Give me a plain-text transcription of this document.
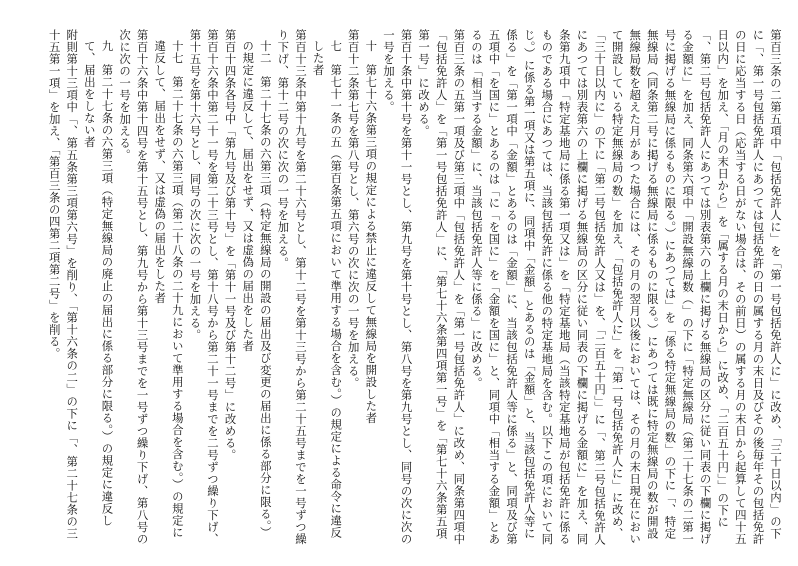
第百三条の二第五項中「包括免許人に」を「第一号包括免許人に」に改め、「三十日以内」の下に「、第一号包括免許人にあつては包括免許の日の属する月の末日及びその後毎年その包括免許の日に応当する日（応当する日がない場合は、その前日）の属する月の末日から起算して四十五日以内」を加え、「月の末日から」を「属する月の末日から」に改め、「二百五十円」」の下に「、第二号包括免許人にあつては別表第六の上欄に掲げる無線局の区分に従い同表の下欄に掲げる金額に」を加え、同条第六項中「開設無線局数（」の下に「特定無線局（第二十七条の二第一号に掲げる無線局に係るものに限る。）にあつては」を「係る特定無線局の数」の下に「、特定無線局（同条第二号に掲げる無線局に係るものに限る。）にあつては既に特定無線局の数が開設無線局数を超えた月があつた場合には、その月の翌月以後においては、その月の末日現在において開設している特定無線局の数」を加え、「包括免許人に」を「第一号包括免許人に」に改め、「三十日以内に」の下に「第二号包括免許人又は」を、「二百五十円」」に「、第二号包括免許人にあつては別表第六の上欄に掲げる無線局の区分に従い同表の下欄に掲げる金額に」を加え、同条第九項中「特定基地局に係る第一項又は」を「特定基地局（当該特定基地局が包括免許に係るものである場合にあつては、当該包括免許に係る他の特定基地局を含む。以下この項において同じ。）に係る第一項又は第五項に、同項中「金額」とあるのは「金額」と、当該包括免許人等に係る」を「第一項中「金額」とあるのは「金額」に、当該包括免許人等に係る」と、同項及び第五項中「を国に」とあるのは「に「を国に」を「金額を国に」と、同項中「相当する金額」とあるのは「相当する金額」に、当該包括免許人等に係る」に改める。

第百三条の五第一項及び第三項中「包括免許人」を「第一号包括免許人」に改め、同条第四項中「包括免許人」を「第一号包括免許人」に、「第七十六条第四項第一号」を「第七十六条第五項第一号」に改める。

第百十条中第十号を第十一号とし、第九号を第十号とし、第八号を第九号とし、同号の次に次の一号を加える。

十　第七十六条第三項の規定による禁止に違反して無線局を開設した者

第百十二条第七号を第八号とし、第六号の次に次の一号を加える。

七　第七十一条の五（第百条第五項において準用する場合を含む。）の規定による命令に違反した者

第百十三条中第十九号を第二十六号とし、第十二号を第十三号から第二十五号までを一号ずつ繰り下げ、第十二号の次に次の一号を加える。

十二　第二十七条の六第三項（特定無線局の開設の届出及び変更の届出に係る部分に限る。）の規定に違反して、届出をせず、又は虚偽の届出をした者

第百十四条各号中「第九号及び第十号」を「第十一号及び第十二号」に改める。

第百十六条中第二十一号を第二十三号とし、第十八号から第二十一号までを二号ずつ繰り下げ、第十五号を第十六号とし、同号の次に次の一号を加える。

十七　第二十七条の六第三項（第二十八条の二十九において準用する場合を含む。）の規定に違反して、届出をせず、又は虚偽の届出をした者

第百十六条中第十四号を第十五号とし、第九号から第十三号までを一号ずつ繰り下げ、第八号の次に次の一号を加える。

九　第二十七条の六第三項（特定無線局の廃止の届出に係る部分に限る。）の規定に違反して、届出をしない者

附則第十三項中「、第五条第三項第六号」を削り、「第十六条の二」の下に「、第二十七条の三十五第一項」を加え、「第百三条の四第二項第二号」を削る。
